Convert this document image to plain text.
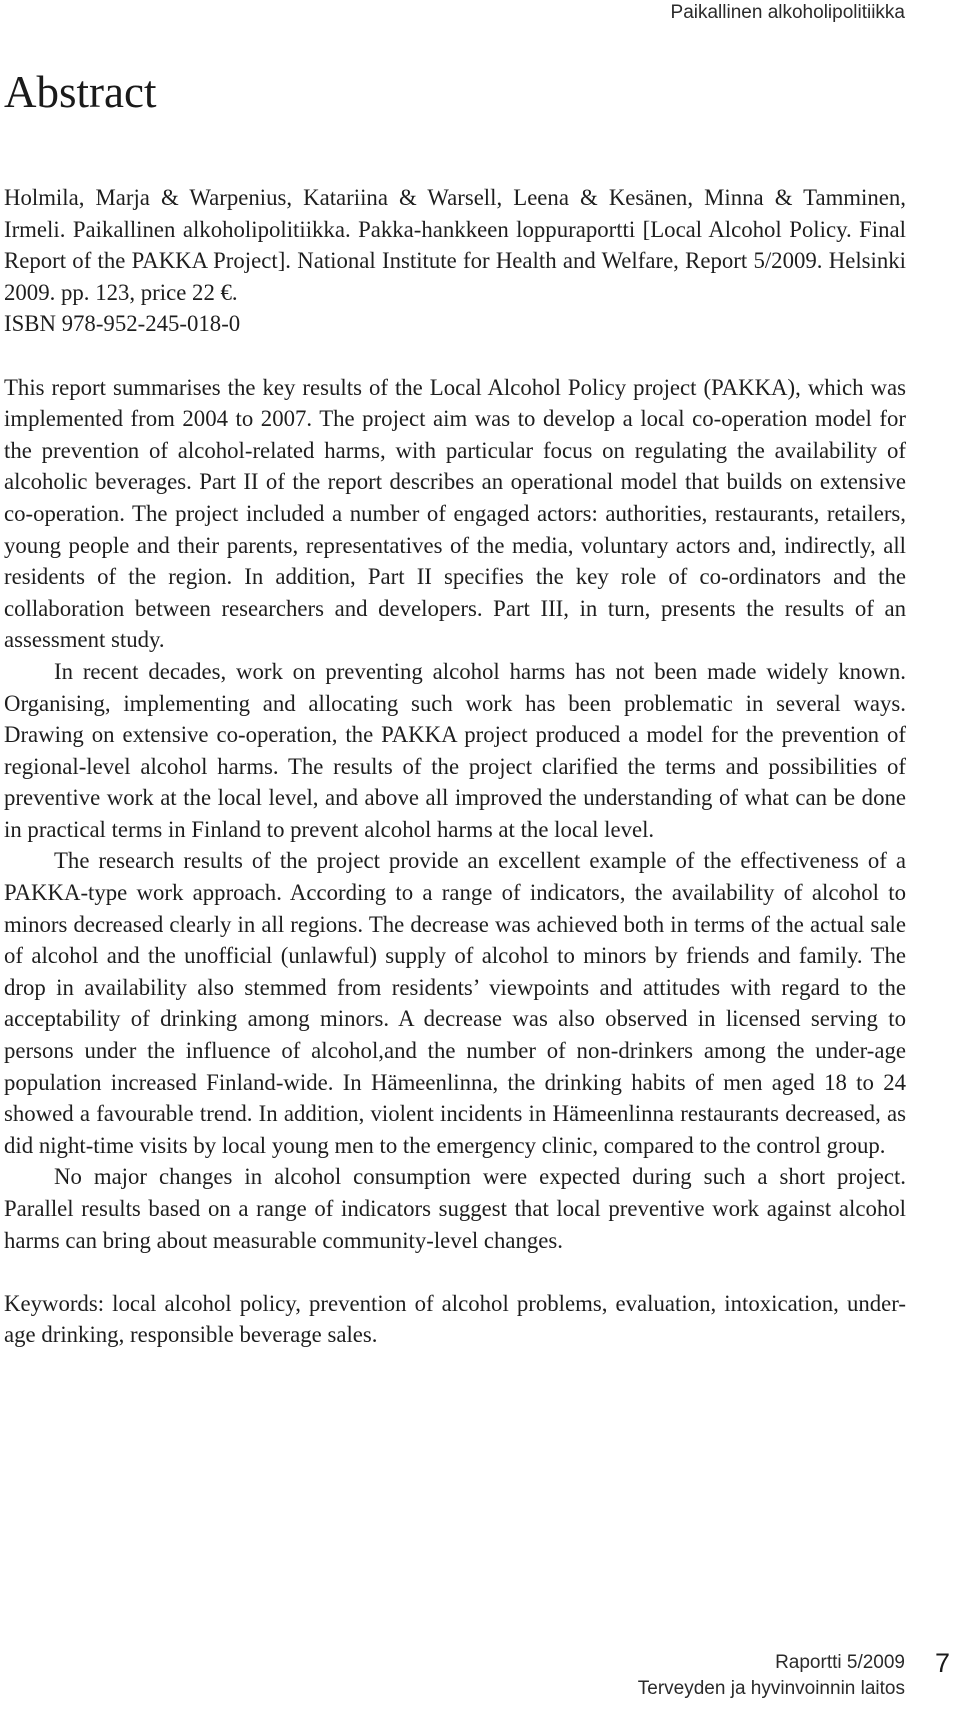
Paikallinen alkoholipolitiikka
Abstract

Holmila, Marja & Warpenius, Katariina & Warsell, Leena & Kesänen, Minna & Tamminen, Irmeli. Paikallinen alkoholipolitiikka. Pakka-hankkeen loppuraportti [Local Alcohol Policy. Final Report of the PAKKA Project]. National Institute for Health and Welfare, Report 5/2009. Helsinki 2009. pp. 123, price 22 €.
ISBN 978-952-245-018-0

This report summarises the key results of the Local Alcohol Policy project (PAKKA), which was implemented from 2004 to 2007. The project aim was to develop a local co-operation model for the prevention of alcohol-related harms, with particular focus on regulating the availability of alcoholic beverages. Part II of the report describes an operational model that builds on extensive co-operation. The project included a number of engaged actors: authorities, restaurants, retailers, young people and their parents, representatives of the media, voluntary actors and, indirectly, all residents of the region. In addition, Part II specifies the key role of co-ordinators and the collaboration between researchers and developers. Part III, in turn, presents the results of an assessment study.

In recent decades, work on preventing alcohol harms has not been made widely known. Organising, implementing and allocating such work has been problematic in several ways. Drawing on extensive co-operation, the PAKKA project produced a model for the prevention of regional-level alcohol harms. The results of the project clarified the terms and possibilities of preventive work at the local level, and above all improved the understanding of what can be done in practical terms in Finland to prevent alcohol harms at the local level.

The research results of the project provide an excellent example of the effectiveness of a PAKKA-type work approach. According to a range of indicators, the availability of alcohol to minors decreased clearly in all regions. The decrease was achieved both in terms of the actual sale of alcohol and the unofficial (unlawful) supply of alcohol to minors by friends and family. The drop in availability also stemmed from residents’ viewpoints and attitudes with regard to the acceptability of drinking among minors. A decrease was also observed in licensed serving to persons under the influence of alcohol,and the number of non-drinkers among the under-age population increased Finland-wide. In Hämeenlinna, the drinking habits of men aged 18 to 24 showed a favourable trend. In addition, violent incidents in Hämeenlinna restaurants decreased, as did night-time visits by local young men to the emergency clinic, compared to the control group.

No major changes in alcohol consumption were expected during such a short project. Parallel results based on a range of indicators suggest that local preventive work against alcohol harms can bring about measurable community-level changes.

Keywords: local alcohol policy, prevention of alcohol problems, evaluation, intoxication, under-age drinking, responsible beverage sales.

Raportti 5/2009
Terveyden ja hyvinvoinnin laitos
7
